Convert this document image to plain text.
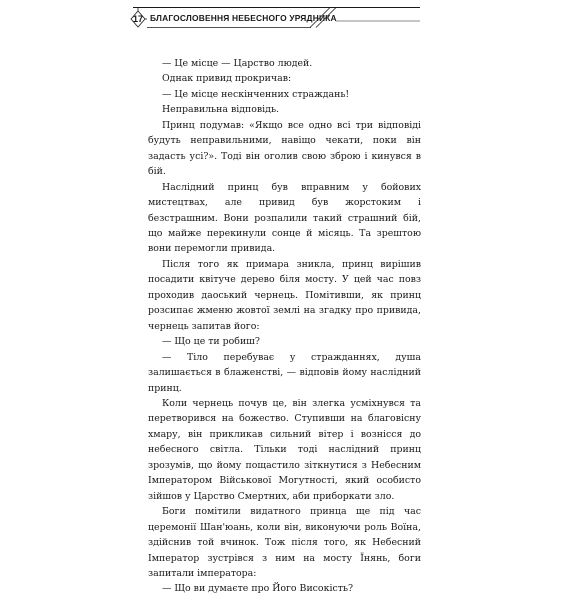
17 БЛАГОСЛОВЕННЯ НЕБЕСНОГО УРЯДНИКА

— Це місце — Царство людей.

Однак привид прокричав:

— Це місце нескінченних страждань!

Неправильна відповідь.

Принц подумав: «Якщо все одно всі три відповіді будуть неправильними, навіщо чекати, поки він задасть усі?». Тоді він оголив свою зброю і кинувся в бій.

Наслідний принц був вправним у бойових мистецтвах, але привид був жорстоким і безстрашним. Вони розпалили такий страшний бій, що майже перекинули сонце й місяць. Та зрештою вони перемогли привида.

Після того як примара зникла, принц вирішив посадити квітуче дерево біля мосту. У цей час повз проходив даоський чернець. Помітивши, як принц розсипає жменю жовтої землі на згадку про привида, чернець запитав його:

— Що це ти робиш?

— Тіло перебуває у стражданнях, душа залишається в блаженстві, — відповів йому наслідний принц.

Коли чернець почув це, він злегка усміхнувся та перетворився на божество. Ступивши на благовісну хмару, він прикликав сильний вітер і вознісся до небесного світла. Тільки тоді наслідний принц зрозумів, що йому пощастило зіткнутися з Небесним Імператором Військової Могутності, який особисто зійшов у Царство Смертних, аби приборкати зло.

Боги помітили видатного принца ще під час церемонії Шан'юань, коли він, виконуючи роль Воїна, здійснив той вчинок. Тож після того, як Небесний Імператор зустрівся з ним на мосту Їнянь, боги запитали імператора:

— Що ви думаєте про Його Високість?
